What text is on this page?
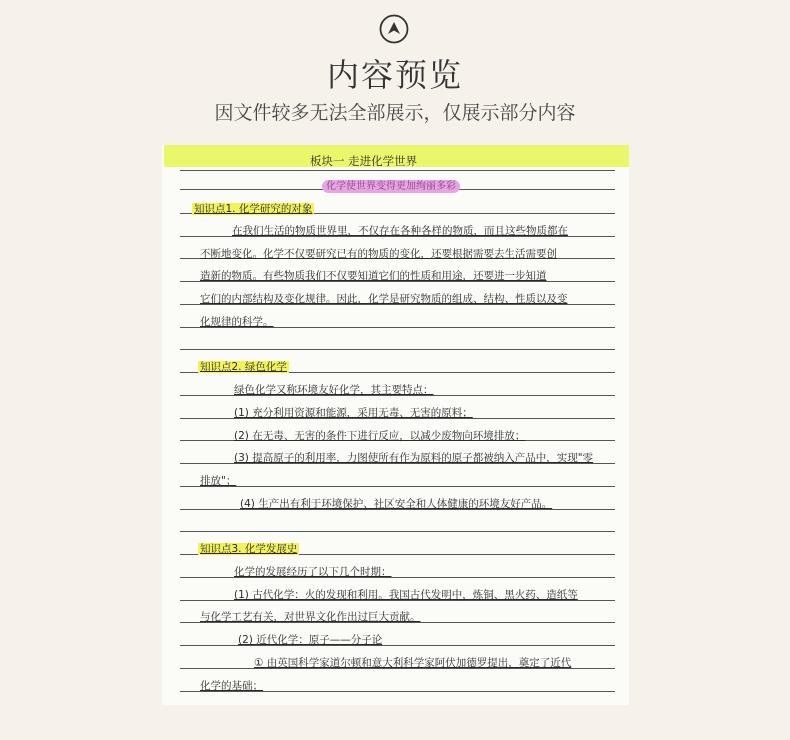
内容预览
因文件较多无法全部展示，仅展示部分内容
板块一 走进化学世界
化学使世界变得更加绚丽多彩
知识点1. 化学研究的对象
在我们生活的物质世界里，不仅存在各种各样的物质，而且这些物质都在
不断地变化。化学不仅要研究已有的物质的变化，还要根据需要去生活需要创
造新的物质。有些物质我们不仅要知道它们的性质和用途，还要进一步知道
它们的内部结构及变化规律。因此，化学是研究物质的组成、结构、性质以及变
化规律的科学。
知识点2. 绿色化学
绿色化学又称环境友好化学，其主要特点：
(1) 充分利用资源和能源，采用无毒、无害的原料；
(2) 在无毒、无害的条件下进行反应，以减少废物向环境排放；
(3) 提高原子的利用率，力图使所有作为原料的原子都被纳入产品中，实现"零
排放"；
(4) 生产出有利于环境保护、社区安全和人体健康的环境友好产品。
知识点3. 化学发展史
化学的发展经历了以下几个时期：
(1) 古代化学：火的发现和利用。我国古代发明中，炼铜、黑火药、造纸等
与化学工艺有关，对世界文化作出过巨大贡献。
(2) 近代化学：原子——分子论
① 由英国科学家道尔顿和意大利科学家阿伏加德罗提出，奠定了近代
化学的基础；
